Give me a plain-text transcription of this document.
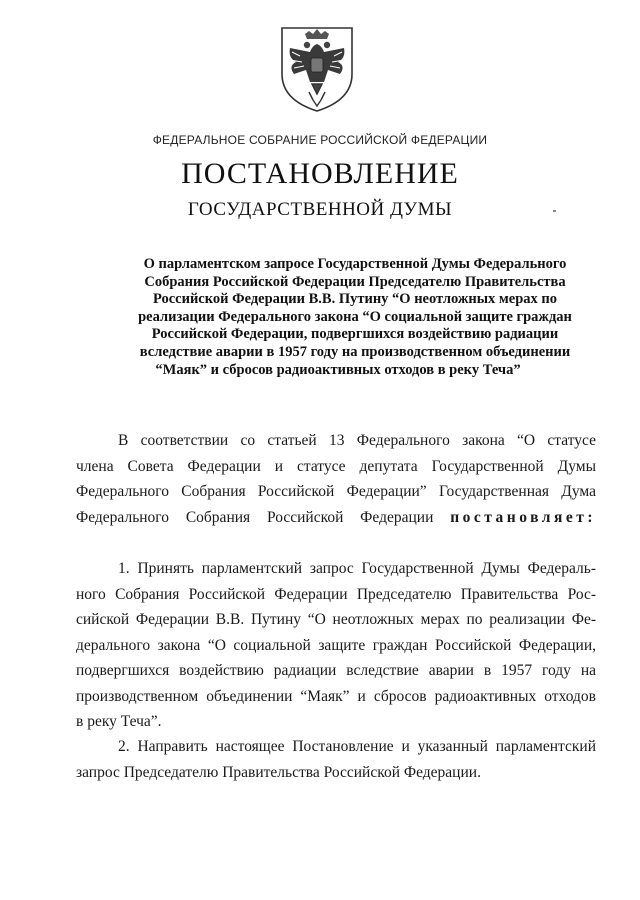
ФЕДЕРАЛЬНОЕ СОБРАНИЕ РОССИЙСКОЙ ФЕДЕРАЦИИ
ПОСТАНОВЛЕНИЕ
ГОСУДАРСТВЕННОЙ ДУМЫ
О парламентском запросе Государственной Думы Федерального
Собрания Российской Федерации Председателю Правительства
Российской Федерации В.В. Путину “О неотложных мерах по
реализации Федерального закона “О социальной защите граждан
Российской Федерации, подвергшихся воздействию радиации
вследствие аварии в 1957 году на производственном объединении
“Маяк” и сбросов радиоактивных отходов в реку Теча”
В соответствии со статьей 13 Федерального закона “О статусе
члена Совета Федерации и статусе депутата Государственной Думы
Федерального Собрания Российской Федерации” Государственная Дума
Федерального Собрания Российской Федерации постановляет:
1. Принять парламентский запрос Государственной Думы Федераль-
ного Собрания Российской Федерации Председателю Правительства Рос-
сийской Федерации В.В. Путину “О неотложных мерах по реализации Фе-
дерального закона “О социальной защите граждан Российской Федерации,
подвергшихся воздействию радиации вследствие аварии в 1957 году на
производственном объединении “Маяк” и сбросов радиоактивных отходов
в реку Теча”.
2. Направить настоящее Постановление и указанный парламентский
запрос Председателю Правительства Российской Федерации.
